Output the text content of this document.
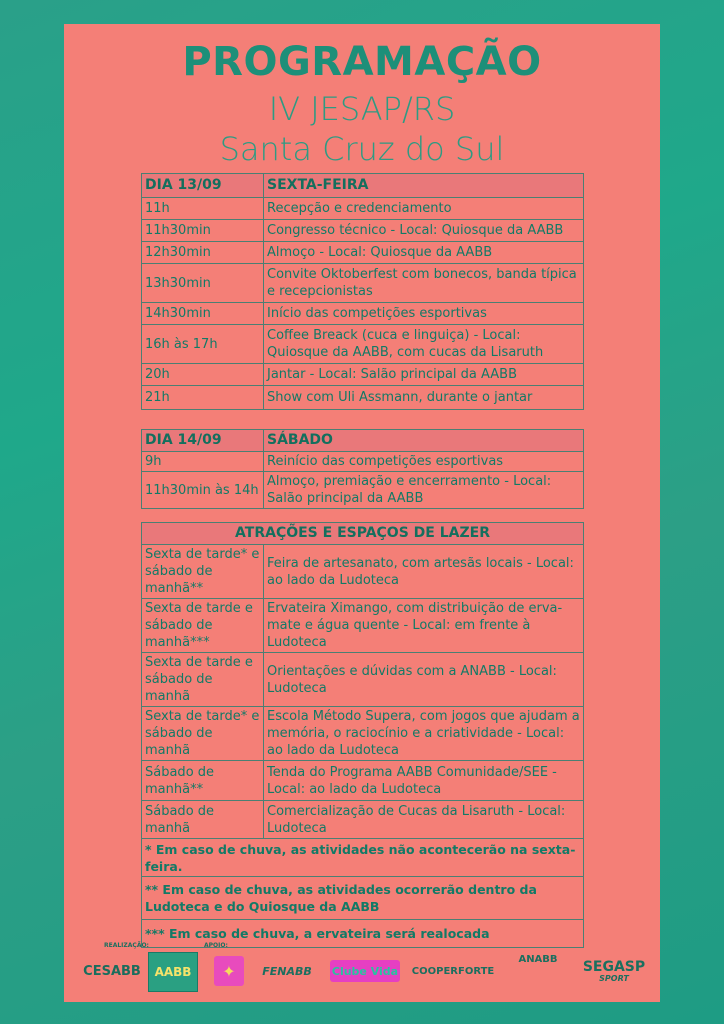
PROGRAMAÇÃO
IV JESAP/RS
Santa Cruz do Sul
DIA 13/09	SEXTA-FEIRA
11h	Recepção e credenciamento
11h30min	Congresso técnico - Local: Quiosque da AABB
12h30min	Almoço - Local: Quiosque da AABB
13h30min	Convite Oktoberfest com bonecos, banda típica e recepcionistas
14h30min	Início das competições esportivas
16h às 17h	Coffee Breack (cuca e linguiça) - Local: Quiosque da AABB, com cucas da Lisaruth
20h	Jantar - Local: Salão principal da AABB
21h	Show com Uli Assmann, durante o jantar
DIA 14/09	SÁBADO
9h	Reinício das competições esportivas
11h30min às 14h	Almoço, premiação e encerramento - Local: Salão principal da AABB
ATRAÇÕES E ESPAÇOS DE LAZER	
Sexta de tarde* e sábado de manhã**	Feira de artesanato, com artesãs locais - Local: ao lado da Ludoteca
Sexta de tarde e sábado de manhã***	Ervateira Ximango, com distribuição de erva-mate e água quente - Local: em frente à Ludoteca
Sexta de tarde e sábado de manhã	Orientações e dúvidas com a ANABB - Local: Ludoteca
Sexta de tarde* e sábado de manhã	Escola Método Supera, com jogos que ajudam a memória, o raciocínio e a criatividade - Local: ao lado da Ludoteca
Sábado de manhã**	Tenda do Programa AABB Comunidade/SEE - Local: ao lado da Ludoteca
Sábado de manhã	Comercialização de Cucas da Lisaruth - Local: Ludoteca
* Em caso de chuva, as atividades não acontecerão na sexta-feira.	
** Em caso de chuva, as atividades ocorrerão dentro da Ludoteca e do Quiosque da AABB	
*** Em caso de chuva, a ervateira será realocada	
REALIZAÇÃO:	APOIO:
CESABB AABB	✦	FENABB Clube Vida COOPERFORTE
ANABB SEGASP
SPORT
